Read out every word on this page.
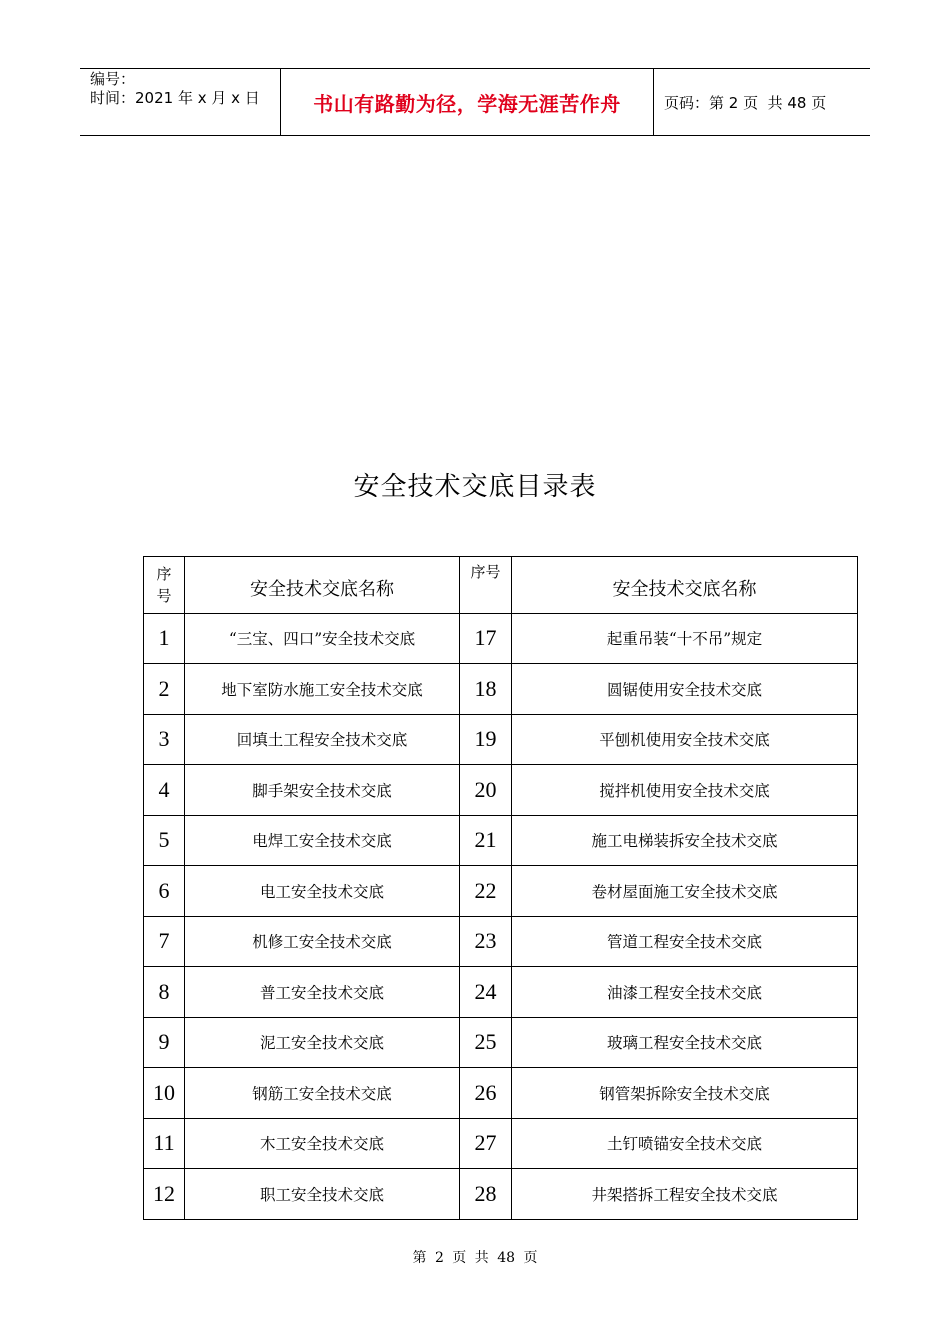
编号：
时间：2021 年 x 月 x 日	书山有路勤为径，学海无涯苦作舟	页码：第 2 页  共 48 页
安全技术交底目录表
序
号	安全技术交底名称	序号	安全技术交底名称
1	“三宝、四口”安全技术交底	17	起重吊装“十不吊”规定
2	地下室防水施工安全技术交底	18	圆锯使用安全技术交底
3	回填土工程安全技术交底	19	平刨机使用安全技术交底
4	脚手架安全技术交底	20	搅拌机使用安全技术交底
5	电焊工安全技术交底	21	施工电梯装拆安全技术交底
6	电工安全技术交底	22	卷材屋面施工安全技术交底
7	机修工安全技术交底	23	管道工程安全技术交底
8	普工安全技术交底	24	油漆工程安全技术交底
9	泥工安全技术交底	25	玻璃工程安全技术交底
10	钢筋工安全技术交底	26	钢管架拆除安全技术交底
11	木工安全技术交底	27	土钉喷锚安全技术交底
12	职工安全技术交底	28	井架搭拆工程安全技术交底
第 2 页 共 48 页
